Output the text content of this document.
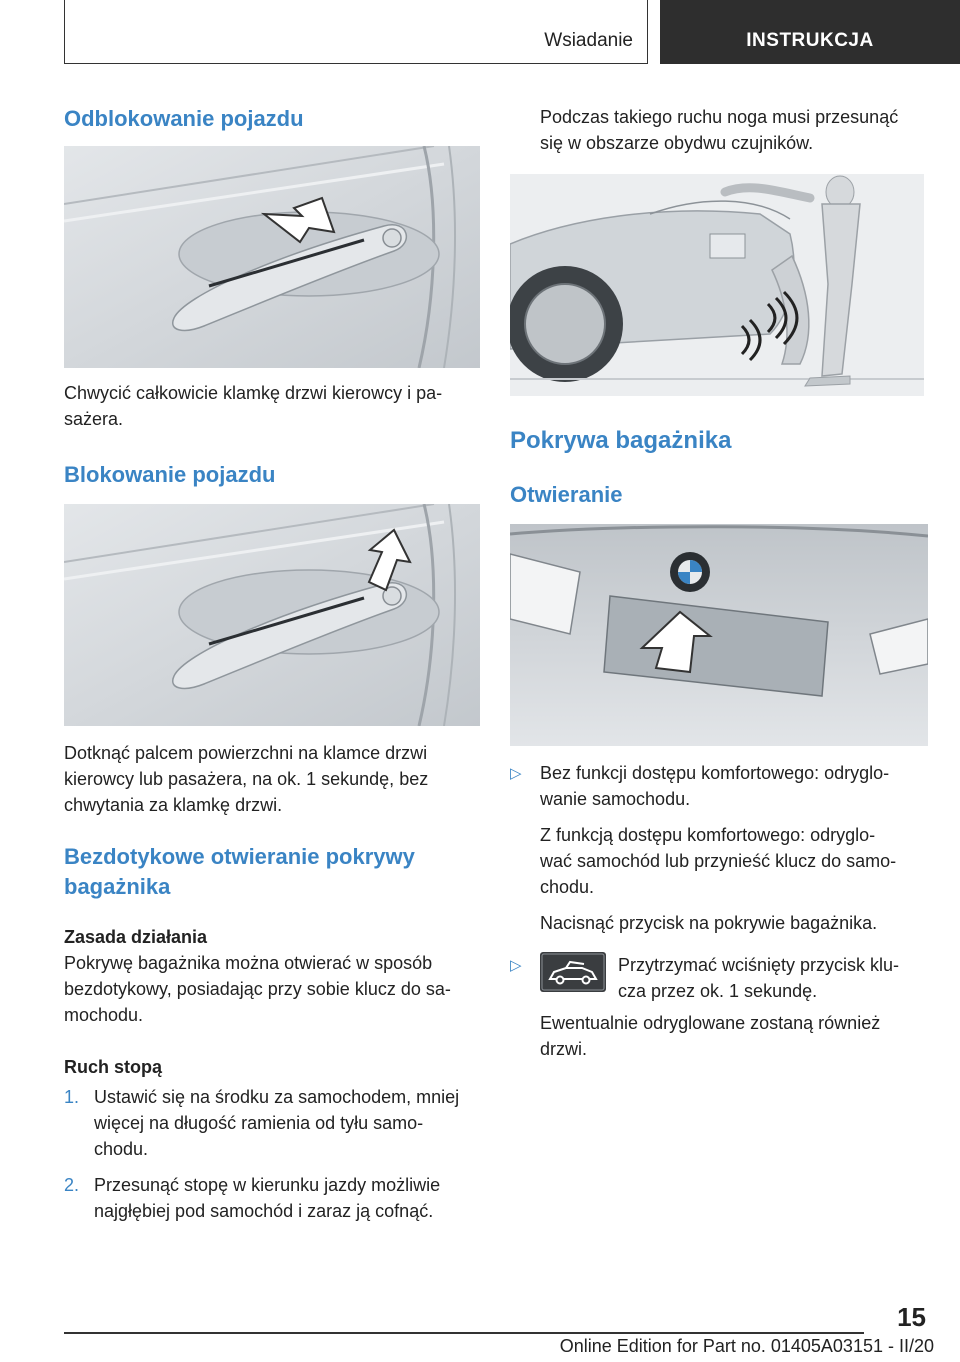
Wsiadanie	INSTRUKCJA
Odblokowanie pojazdu
Chwycić całkowicie klamkę drzwi kierowcy i pa-
sażera.
Blokowanie pojazdu
Dotknąć palcem powierzchni na klamce drzwi
kierowcy lub pasażera, na ok. 1 sekundę, bez
chwytania za klamkę drzwi.
Bezdotykowe otwieranie pokrywy
bagażnika
Zasada działania
Pokrywę bagażnika można otwierać w sposób
bezdotykowy, posiadając przy sobie klucz do sa-
mochodu.
Ruch stopą
1. Ustawić się na środku za samochodem, mniej
więcej na długość ramienia od tyłu samo-
chodu.
2. Przesunąć stopę w kierunku jazdy możliwie
najgłębiej pod samochód i zaraz ją cofnąć.
Podczas takiego ruchu noga musi przesunąć
się w obszarze obydwu czujników.
Pokrywa bagażnika
Otwieranie
▷ Bez funkcji dostępu komfortowego: odryglo-
wanie samochodu.
Z funkcją dostępu komfortowego: odryglo-
wać samochód lub przynieść klucz do samo-
chodu.
Nacisnąć przycisk na pokrywie bagażnika.
▷	Przytrzymać wciśnięty przycisk klu-
cza przez ok. 1 sekundę.
Ewentualnie odryglowane zostaną również
drzwi.
15
Online Edition for Part no. 01405A03151 - II/20
